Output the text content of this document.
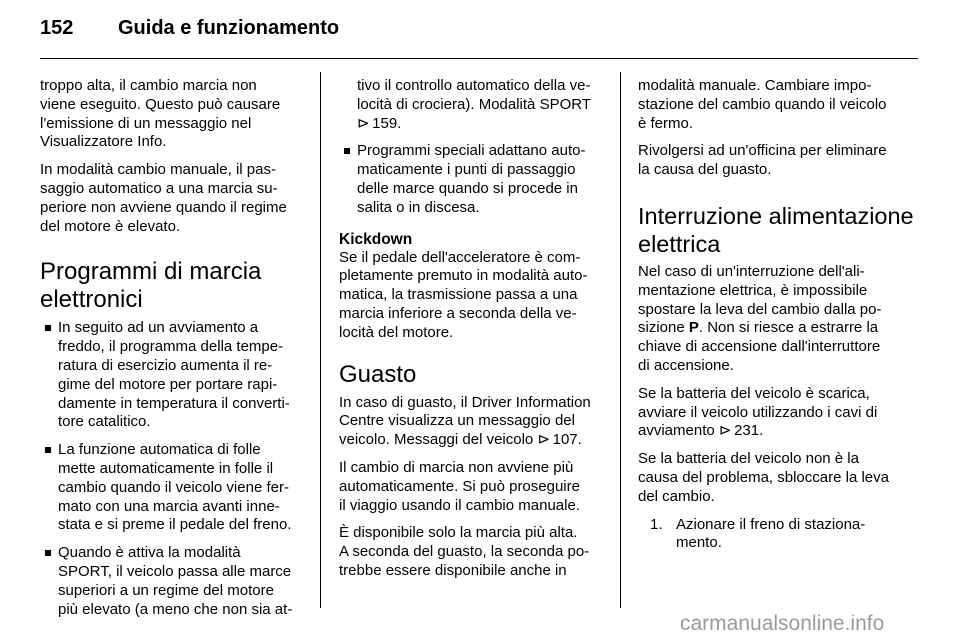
152	Guida e funzionamento

troppo alta, il cambio marcia non
viene eseguito. Questo può causare
l'emissione di un messaggio nel
Visualizzatore Info.

In modalità cambio manuale, il pas-
saggio automatico a una marcia su-
periore non avviene quando il regime
del motore è elevato.

Programmi di marcia
elettronici
In seguito ad un avviamento a
freddo, il programma della tempe-
ratura di esercizio aumenta il re-
gime del motore per portare rapi-
damente in temperatura il converti-
tore catalitico.
La funzione automatica di folle
mette automaticamente in folle il
cambio quando il veicolo viene fer-
mato con una marcia avanti inne-
stata e si preme il pedale del freno.
Quando è attiva la modalità
SPORT, il veicolo passa alle marce
superiori a un regime del motore
più elevato (a meno che non sia at-
tivo il controllo automatico della ve-
locità di crociera). Modalità SPORT
⊳ 159.
Programmi speciali adattano auto-
maticamente i punti di passaggio
delle marce quando si procede in
salita o in discesa.
Kickdown

Se il pedale dell'acceleratore è com-
pletamente premuto in modalità auto-
matica, la trasmissione passa a una
marcia inferiore a seconda della ve-
locità del motore.

Guasto

In caso di guasto, il Driver Information
Centre visualizza un messaggio del
veicolo. Messaggi del veicolo ⊳ 107.

Il cambio di marcia non avviene più
automaticamente. Si può proseguire
il viaggio usando il cambio manuale.

È disponibile solo la marcia più alta.
A seconda del guasto, la seconda po-
trebbe essere disponibile anche in

modalità manuale. Cambiare impo-
stazione del cambio quando il veicolo
è fermo.

Rivolgersi ad un'officina per eliminare
la causa del guasto.

Interruzione alimentazione
elettrica

Nel caso di un'interruzione dell'ali-
mentazione elettrica, è impossibile
spostare la leva del cambio dalla po-
sizione P. Non si riesce a estrarre la
chiave di accensione dall'interruttore
di accensione.

Se la batteria del veicolo è scarica,
avviare il veicolo utilizzando i cavi di
avviamento ⊳ 231.

Se la batteria del veicolo non è la
causa del problema, sbloccare la leva
del cambio.

1. Azionare il freno di staziona-
mento.
carmanualsonline.info
